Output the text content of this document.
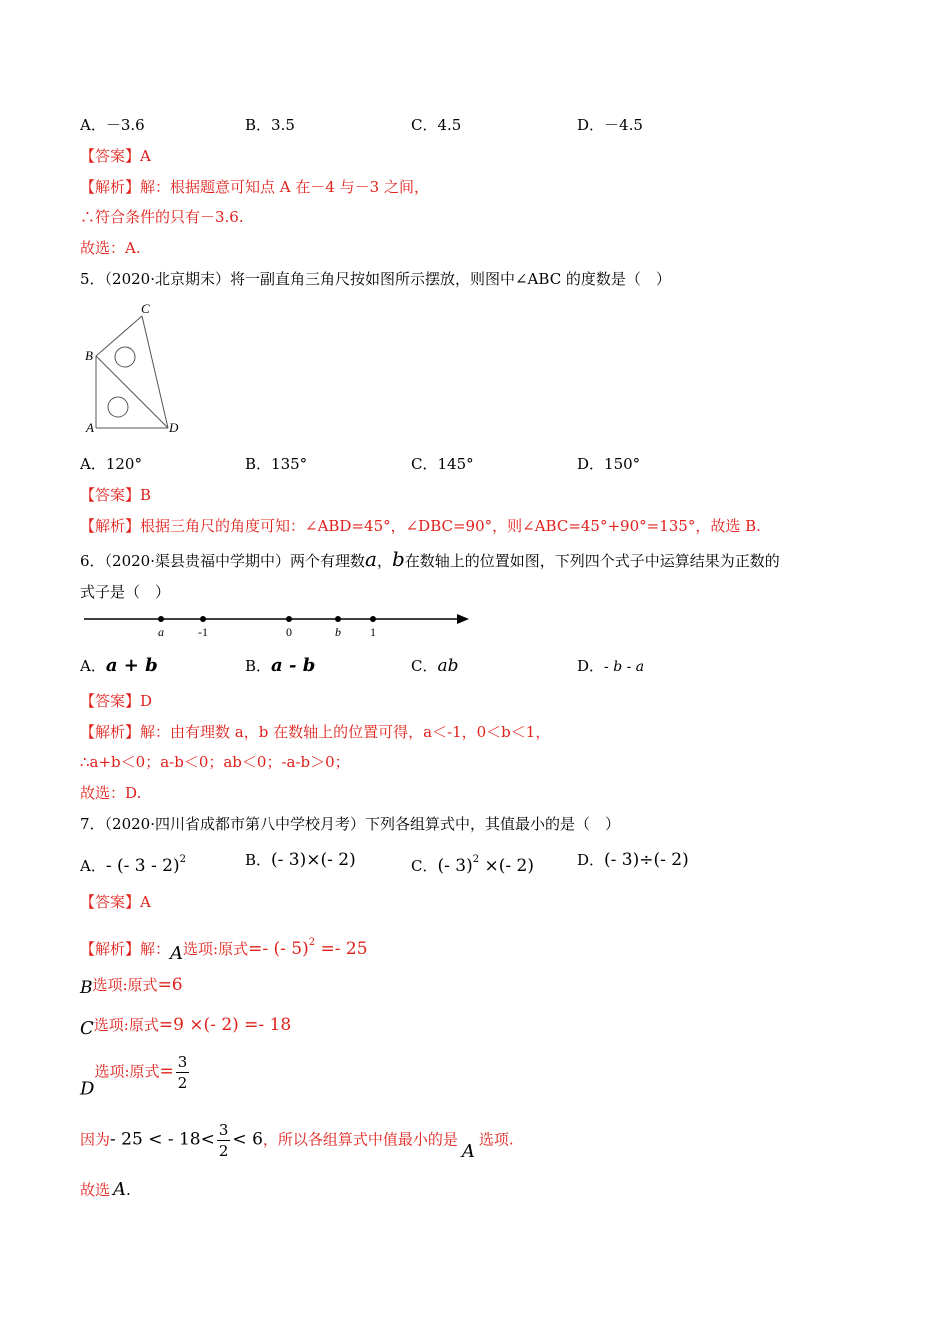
A．－3.6	B．3.5	C．4.5	D．－4.5
【答案】A
【解析】解：根据题意可知点 A 在－4 与－3 之间，
∴符合条件的只有－3.6.
故选：A.
5．（2020·北京期末）将一副直角三角尺按如图所示摆放，则图中∠ABC 的度数是（　）
C
B
A	D
A．120°	B．135°	C．145°	D．150°
【答案】B
【解析】根据三角尺的角度可知：∠ABD=45°，∠DBC=90°，则∠ABC=45°+90°=135°，故选 B.
6．（2020·渠县贵福中学期中）两个有理数a，b在数轴上的位置如图，下列四个式子中运算结果为正数的
式子是（　）
a	-1	0	b 1
A．a + b	B．a - b	C．ab	D．- b - a
【答案】D
【解析】解：由有理数 a，b 在数轴上的位置可得，a＜-1，0＜b＜1，
∴a+b＜0；a-b＜0；ab＜0；-a-b＞0；
故选：D.
7．（2020·四川省成都市第八中学校月考）下列各组算式中，其值最小的是（　）
A．- (- 3 - 2)$^2$	B．(- 3)×(- 2)	C．(- 3)$^2$ ×(- 2)	D．(- 3)÷(- 2)
【答案】A
【解析】解：A选项:原式=- (- 5)$^2$ =- 25
B选项:原式=6
C选项:原式=9 ×(- 2) =- 18
D选项:原式= $\frac{3}{2}$
因为- 25 < - $18< \frac{3}{2} < 6$，所以各组算式中值最小的是A选项.
故选 A.
